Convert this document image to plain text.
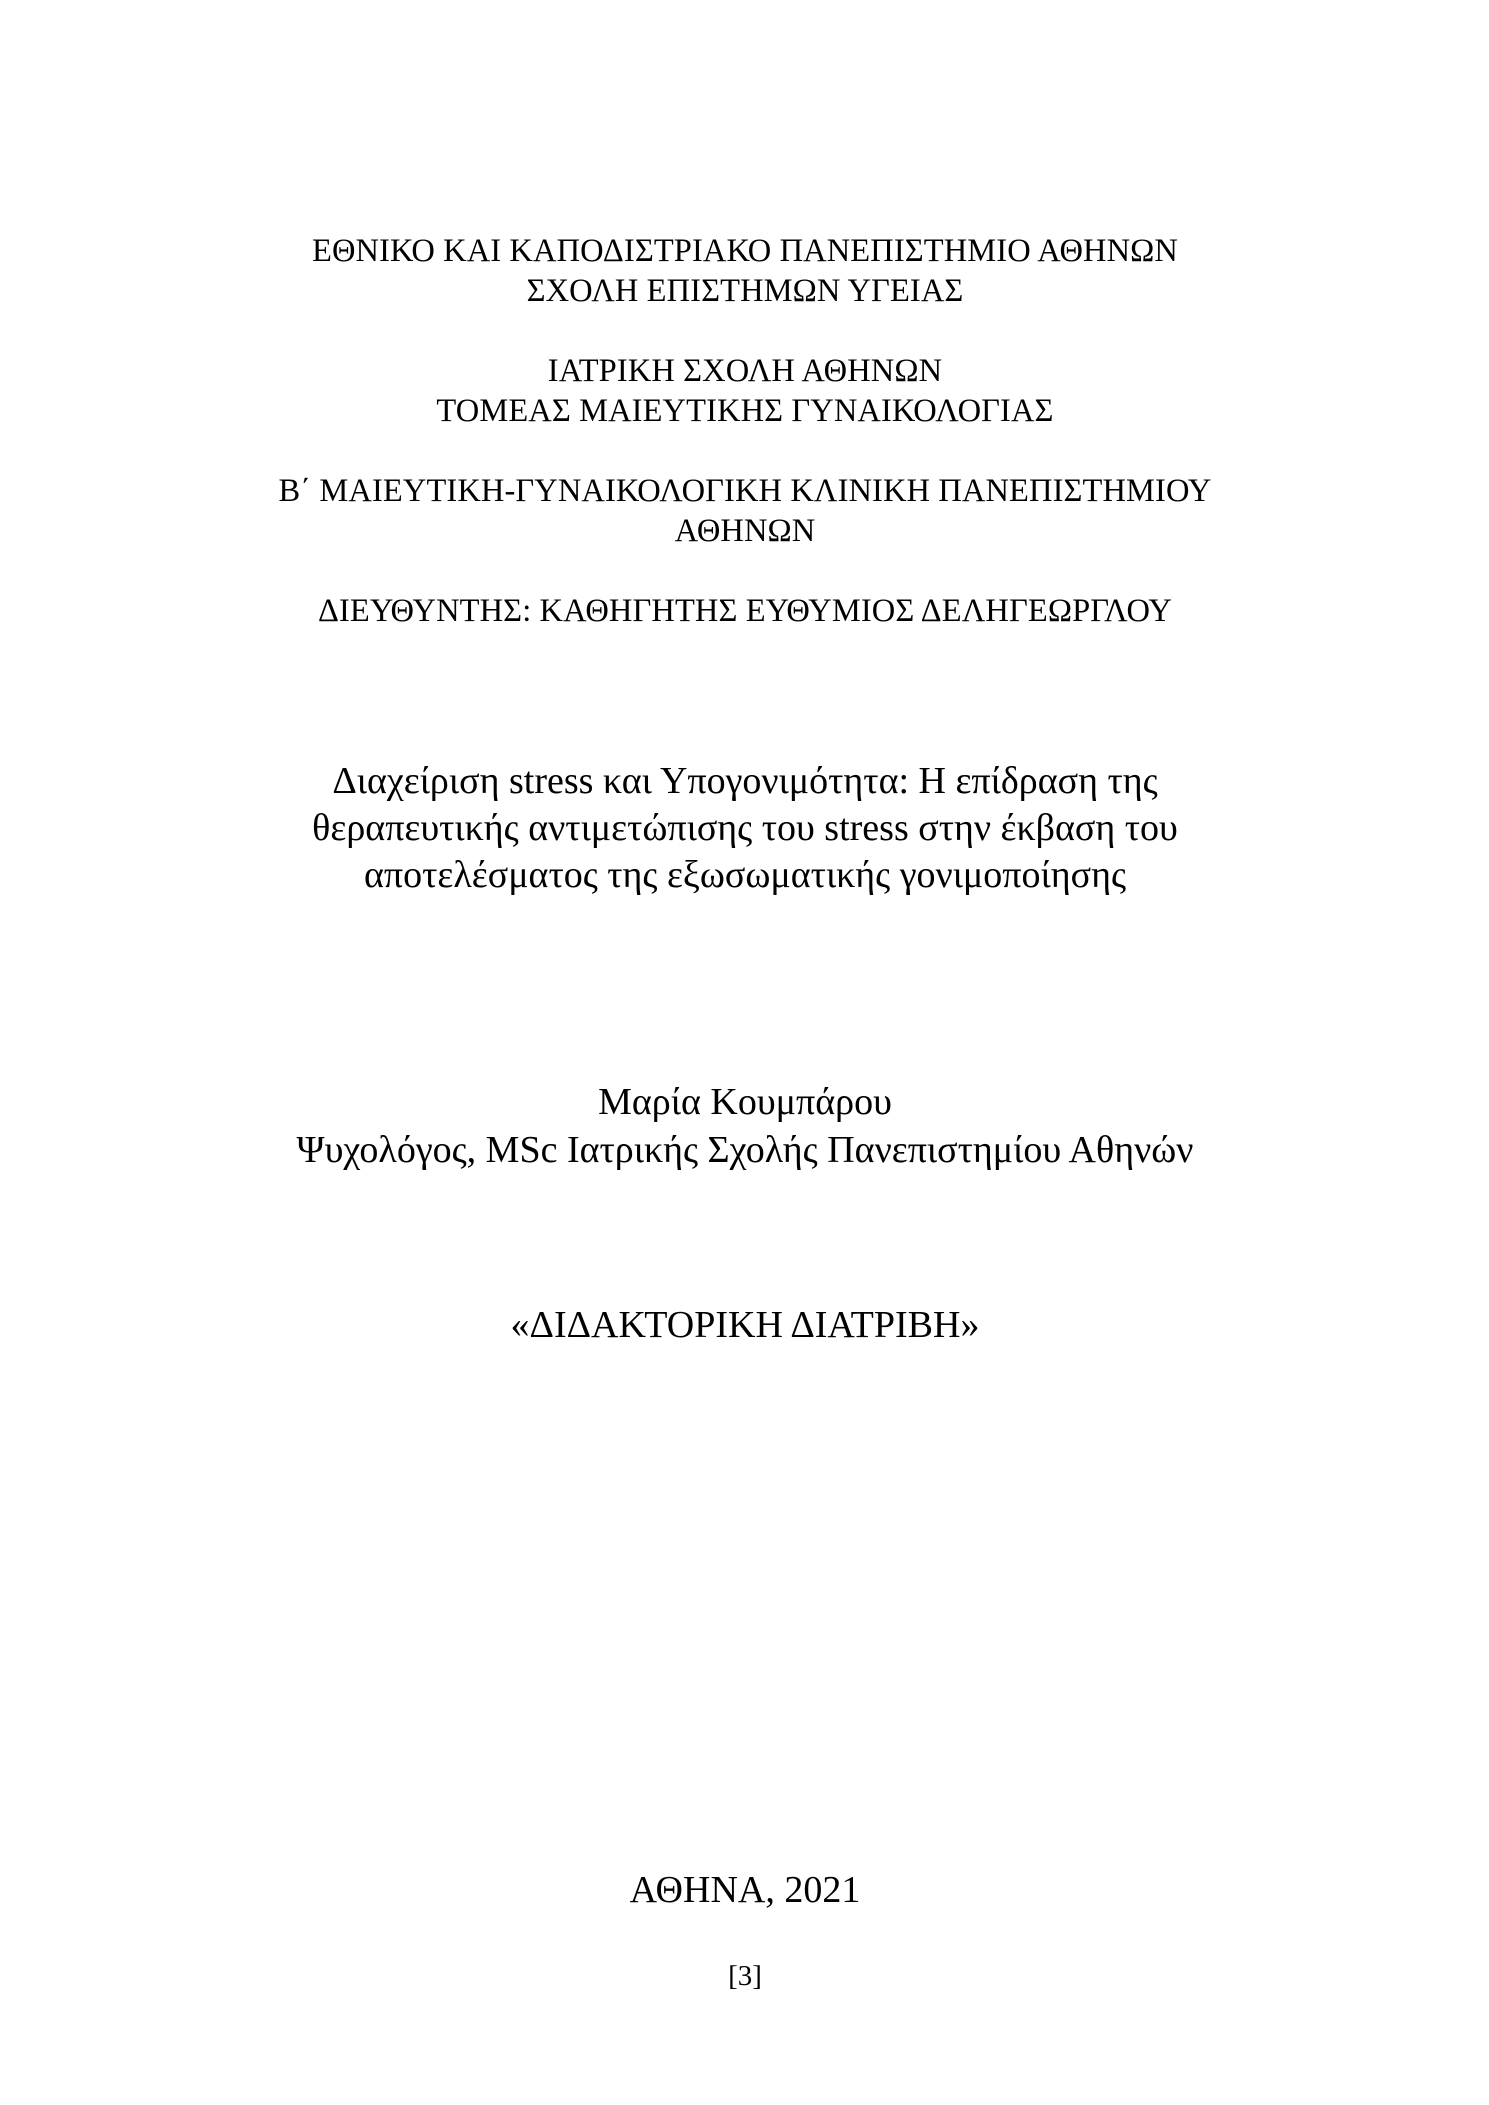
ΕΘΝΙΚΟ ΚΑΙ ΚΑΠΟΔΙΣΤΡΙΑΚΟ ΠΑΝΕΠΙΣΤΗΜΙΟ ΑΘΗΝΩΝ
ΣΧΟΛΗ ΕΠΙΣΤΗΜΩΝ ΥΓΕΙΑΣ
ΙΑΤΡΙΚΗ ΣΧΟΛΗ ΑΘΗΝΩΝ
ΤΟΜΕΑΣ ΜΑΙΕΥΤΙΚΗΣ ΓΥΝΑΙΚΟΛΟΓΙΑΣ
Β΄ ΜΑΙΕΥΤΙΚΗ-ΓΥΝΑΙΚΟΛΟΓΙΚΗ ΚΛΙΝΙΚΗ ΠΑΝΕΠΙΣΤΗΜΙΟΥ
ΑΘΗΝΩΝ
ΔΙΕΥΘΥΝΤΗΣ: ΚΑΘΗΓΗΤΗΣ ΕΥΘΥΜΙΟΣ ΔΕΛΗΓΕΩΡΓΛΟΥ
Διαχείριση stress και Υπογονιμότητα: Η επίδραση της
θεραπευτικής αντιμετώπισης του stress στην έκβαση του
αποτελέσματος της εξωσωματικής γονιμοποίησης
Μαρία Κουμπάρου
Ψυχολόγος, MSc Ιατρικής Σχολής Πανεπιστημίου Αθηνών
«ΔΙΔΑΚΤΟΡΙΚΗ ΔΙΑΤΡΙΒΗ»
ΑΘΗΝΑ, 2021
[3]
